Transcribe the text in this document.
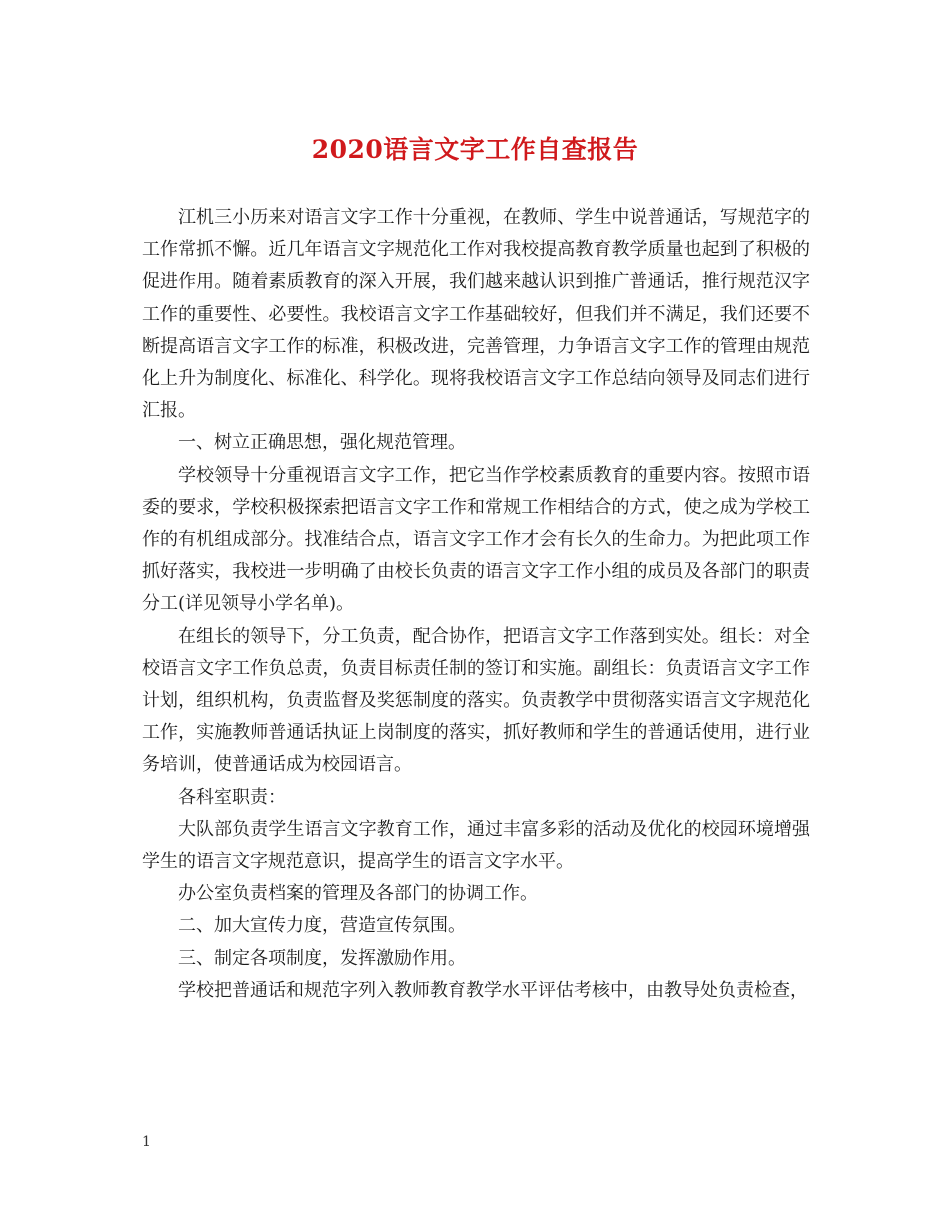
2020语言文字工作自查报告

江机三小历来对语言文字工作十分重视，在教师、学生中说普通话，写规范字的工作常抓不懈。近几年语言文字规范化工作对我校提高教育教学质量也起到了积极的促进作用。随着素质教育的深入开展，我们越来越认识到推广普通话，推行规范汉字工作的重要性、必要性。我校语言文字工作基础较好，但我们并不满足，我们还要不断提高语言文字工作的标准，积极改进，完善管理，力争语言文字工作的管理由规范化上升为制度化、标准化、科学化。现将我校语言文字工作总结向领导及同志们进行汇报。

一、树立正确思想，强化规范管理。

学校领导十分重视语言文字工作，把它当作学校素质教育的重要内容。按照市语委的要求，学校积极探索把语言文字工作和常规工作相结合的方式，使之成为学校工作的有机组成部分。找准结合点，语言文字工作才会有长久的生命力。为把此项工作抓好落实，我校进一步明确了由校长负责的语言文字工作小组的成员及各部门的职责分工(详见领导小学名单)。

在组长的领导下，分工负责，配合协作，把语言文字工作落到实处。组长：对全校语言文字工作负总责，负责目标责任制的签订和实施。副组长：负责语言文字工作计划，组织机构，负责监督及奖惩制度的落实。负责教学中贯彻落实语言文字规范化工作，实施教师普通话执证上岗制度的落实，抓好教师和学生的普通话使用，进行业务培训，使普通话成为校园语言。

各科室职责：

大队部负责学生语言文字教育工作，通过丰富多彩的活动及优化的校园环境增强学生的语言文字规范意识，提高学生的语言文字水平。

办公室负责档案的管理及各部门的协调工作。

二、加大宣传力度，营造宣传氛围。

三、制定各项制度，发挥激励作用。

学校把普通话和规范字列入教师教育教学水平评估考核中，由教导处负责检查，

1
